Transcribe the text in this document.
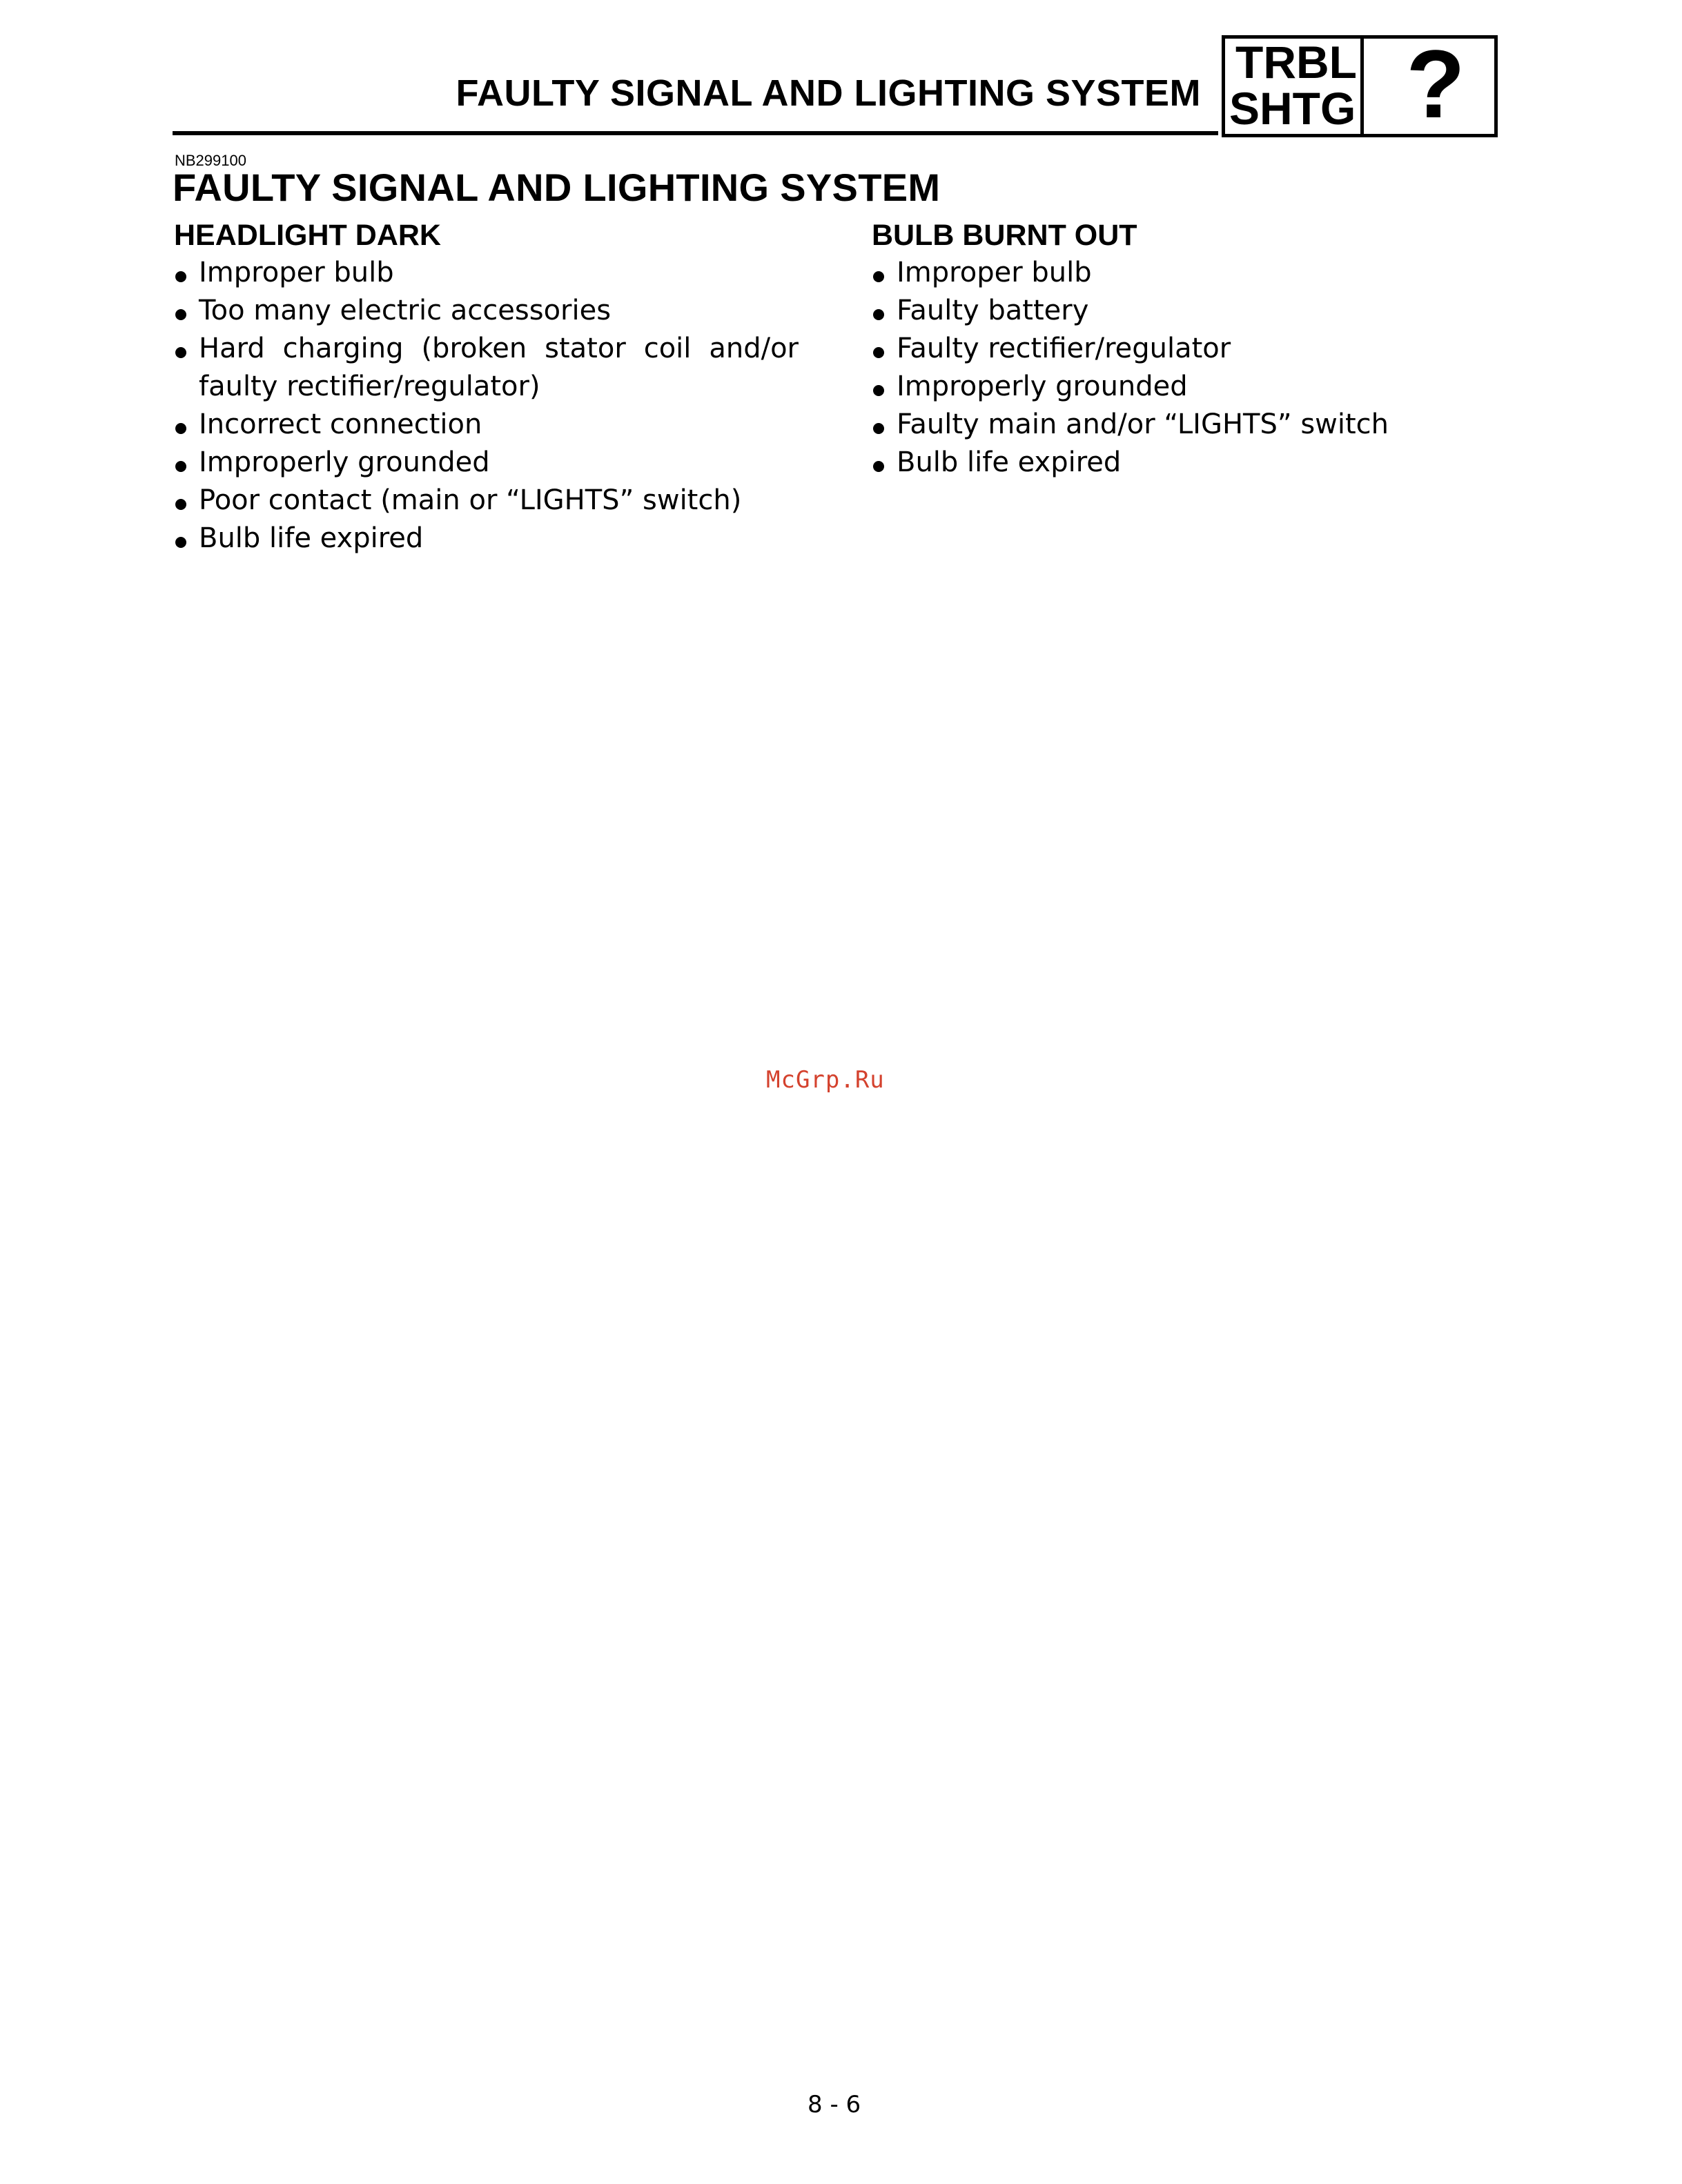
FAULTY SIGNAL AND LIGHTING SYSTEM
TRBL
SHTG ?
NB299100
FAULTY SIGNAL AND LIGHTING SYSTEM
HEADLIGHT DARK
Improper bulb
Too many electric accessories
Hard charging (broken stator coil and/or faulty rectifier/regulator)
Incorrect connection
Improperly grounded
Poor contact (main or “LIGHTS” switch)
Bulb life expired
BULB BURNT OUT
Improper bulb
Faulty battery
Faulty rectifier/regulator
Improperly grounded
Faulty main and/or “LIGHTS” switch
Bulb life expired
McGrp.Ru
8 - 6
